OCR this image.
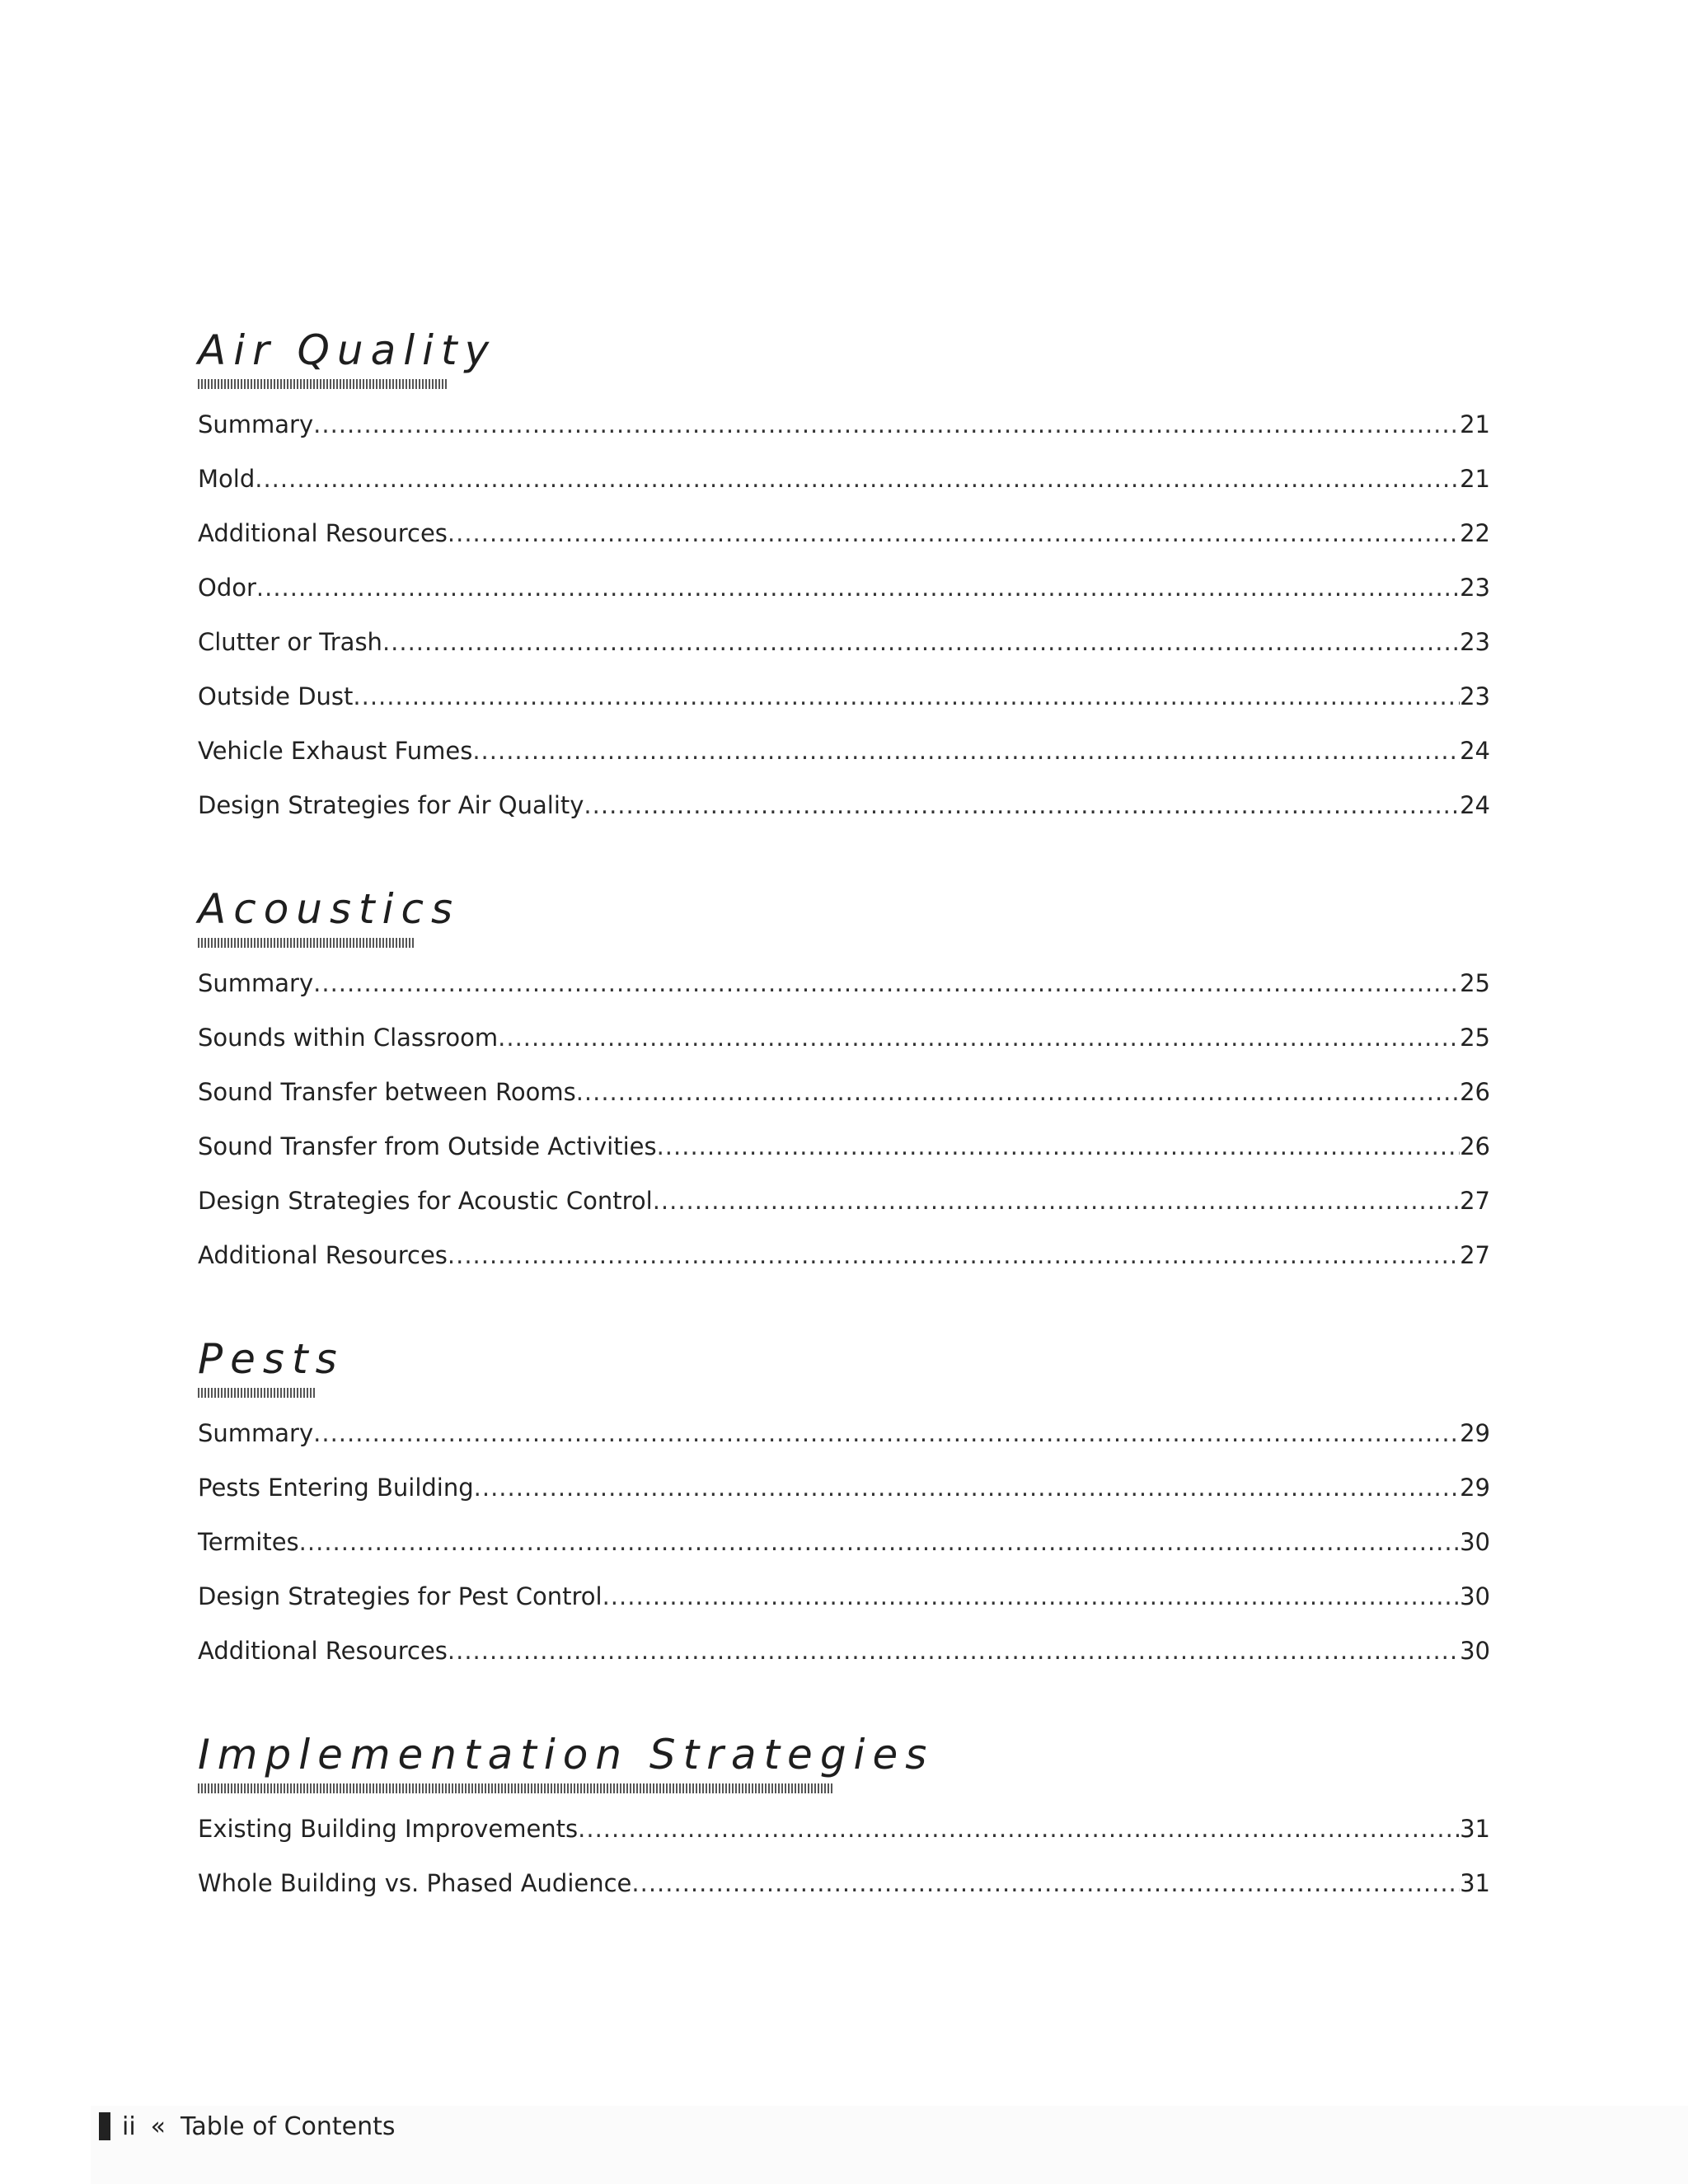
Air Quality
Summary .....	21
Mold .....	21
Additional Resources .....	22
Odor .....	23
Clutter or Trash .....	23
Outside Dust .....	23
Vehicle Exhaust Fumes .....	24
Design Strategies for Air Quality .....	24
Acoustics
Summary .....	25
Sounds within Classroom .....	25
Sound Transfer between Rooms .....	26
Sound Transfer from Outside Activities .....	26
Design Strategies for Acoustic Control .....	27
Additional Resources .....	27
Pests
Summary .....	29
Pests Entering Building .....	29
Termites .....	30
Design Strategies for Pest Control .....	30
Additional Resources .....	30
Implementation Strategies
Existing Building Improvements .....	31
Whole Building vs. Phased Audience .....	31
ii « Table of Contents
